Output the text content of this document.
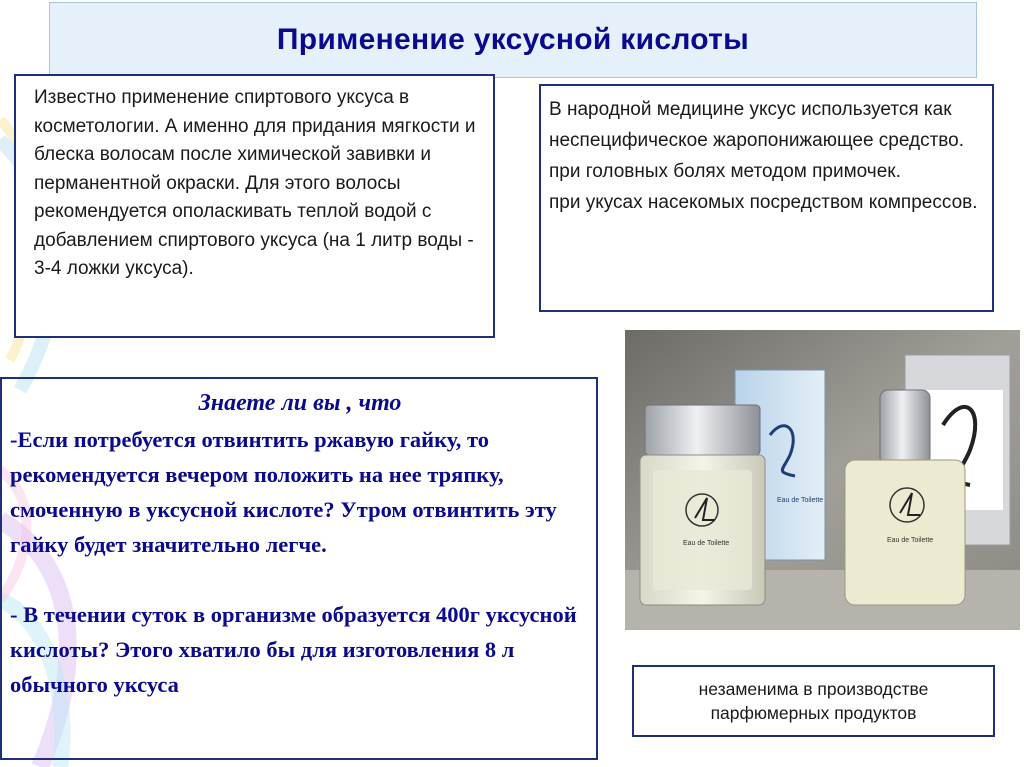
Применение уксусной кислоты

Известно применение спиртового уксуса в косметологии. А именно для придания мягкости и блеска волосам после химической завивки и перманентной окраски. Для этого волосы рекомендуется ополаскивать теплой водой с добавлением спиртового уксуса (на 1 литр воды - 3-4 ложки уксуса).

В народной медицине уксус используется как неспецифическое жаропонижающее средство.

при головных болях методом примочек.

при укусах насекомых посредством компрессов.

Знаете ли вы , что

-Если потребуется отвинтить ржавую гайку, то рекомендуется вечером положить на нее тряпку, смоченную в уксусной кислоте? Утром отвинтить эту гайку будет значительно легче.

- В течении суток в организме образуется 400г уксусной кислоты? Этого хватило бы для изготовления 8 л обычного уксуса

Eau de Toilette
Eau de Toilette	Eau de Toilette
незаменима в производстве
парфюмерных продуктов
